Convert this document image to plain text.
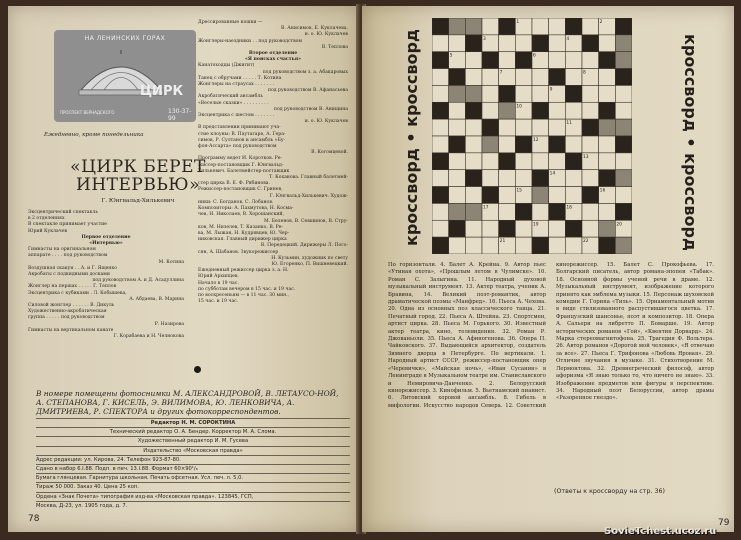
НА ЛЕНИНСКИХ ГОРАХ
ЦИРК
ПРОСПЕКТ ВЕРНАДСКОГО	130-37-99
Ежедневно, кроме понедельника
«ЦИРК БЕРЕТ ИНТЕРВЬЮ»
Г. Юнгвальд-Хилькевич
Эксцентрический спектакль
в 2 отделениях
В спектакле принимает участие
Юрий Куклачев
Первое отделение
«Интервью»
Гимнасты на оригинальном
аппарате . . . . под руководством
М. Котина
Воздушная скакун . . А. и Г. Ященко
Акробаты с подкидными досками
под руководством А. и Д. Асадуллина
Жонглер на першах . . . . . Г. Теплов
Эксцентрика с кубиками . Л. Кобышева,
А. Абдаева, В. Марина
Силовой жонглер . . . . . . В. Дикуль
Художественно-акробатическая
группа . . . . . под руководством
Р. Назирова
Гимнасты на вертикальном канате
Г. Корабаева и Н. Челнокова
Дрессированные кошки —
В. Анисимов, Е. Куклачева,
и. о. Ю. Куклачев
Жонглеры-наездники . . под руководством
В. Теплова
Второе отделение
«Я поисках счастья»
Канатоходцы (Джигит)
под руководством з. а. Абакаровых
Танец с обручами . . . . . Т. Котина
Жонглеры на страусах . . . . . . .
под руководством В. Афанасьева
Акробатический ансамбль
«Веселые сказки» . . . . . . . . .
под руководством В. Анищина
Эксцентрика с шестом . . . . . . .
и. о. Ю. Куклачев
В представлении принимают уча-
стие клоуны: В. Паутагаре, А. Гера-
симов, Р. Султанов и ансамбль «Бу-
фон-Ассарта» под руководством
В. Когомцевой.
Программу ведет И. Коротков. Ре-
жиссер-постановщик Г. Юнгвальд-
Хилькевич. Балетмейстер-поставщик
Т. Коханова. Главный балетмей-
стер цирка В. Е. Ф. Рябинова.
Режиссер-постановщик С. Гринев,
Г. Юнгвальд-Хилькевич. Худож-
ники: С. Богданов, С. Лобанов.
Композиторы: А. Пахмутова, Н. Косма-
чев, Н. Николаев, В. Хорошанский,
М. Беленов, В. Севшинов, В. Стру-
ков, М. Низелев, Т. Казанко, В. Ре-
ва, М. Лыжан, Н. Кудрявцев, Ю. Чер-
никовская. Главный дирижер цирка
В. Передецкий. Дирижеры Л. Пого-
сян, А. Шабанов. Звукорежиссер
Н. Кузьмин, художник по свету
Ю. Егоренко, П. Вишневецкий.
Ежедневный режиссер цирка з. а. Н.
Юрий Архипцев.
Начало в 19 час.
по субботам вечером в 15 час. и 19 час.
по воскресеньям — в 11 час. 30 мин.,
15 час. и 19 час.
В номере помещены фотоснимки М. АЛЕКСАНДРОВОЙ, В. ЛЕТАУСО-НОЙ, А. СТЕПАНОВА, Г. КИСЕЛЬ, Э. ВИЛИМОВА, Ю. ЛЕНКОВИЧА, А. ДМИТРИЕВА, Р. СПЕКТОРА и других фотокорреспондентов.
Редактор Н. М. СОРОКТИНА
Технический редактор О. А. Бендер. Корректор М. А. Слома.
Художественный редактор И. М. Гусева
Издательство «Московская правда»
Адрес редакции: ул. Кирова, 24. Телефон 923-87-80.
Сдано в набор 6.I.88. Подп. в печ. 13.I.88. Формат 60×90¹/₈
Бумага глянцевая. Гарнитура школьная. Печать офсетная. Усл. печ. л. 5,0.
Тираж 50 000. Заказ 40. Цена 25 коп.
Ордена «Знак Почета» типография изд-ва «Московская правда». 123845, ГСП,
Москва, Д-23, ул. 1905 года, д. 7.
78
кроссворд • кроссворд	кроссворд • кроссворд
1	2
3	4
5	6
7	8
9
10
11
12
13
14
15	16
17	18
19	20
21	22
По горизонтали. 4. Балет А. Крейна. 9. Автор пьес «Утиная охота», «Прошлым летом в Чулимске». 10. Роман С. Залыгина. 11. Народный духовой музыкальный инструмент. 13. Актер театра, ученик А. Бравина, 14. Великий поэт-романтик, автор драматической поэмы «Манфред». 16. Пьеса А. Чехова. 20. Одна из основных поз классического танца. 21. Печатный город. 22. Пьеса А. Штейна. 23. Спортсмен, артист цирка. 28. Пьеса М. Горького. 30. Известный актер театра, кино, телевидения. 32. Роман Р. Джованьоли. 35. Пьеса А. Афиногенова. 36. Опера П. Чайковского. 37. Выдающийся архитектор, создатель Зимнего дворца в Петербурге. По вертикали. 1. Народный артист СССР, режиссер-постановщик опер «Черевички», «Майская ночь», «Иван Сусанин» в Ленинграде в Музыкальном театре им. Станиславского и Немировича-Данченко. 2. Белорусский кинорежиссер. 3. Кинофильм. 5. Вьетнамский пианист. 6. Литовский хоровой ансамбль. 8. Гибель в мифологии. Искусство народов Севера. 12. Советский кинорежиссер. 15. Балет С. Прокофьева. 17. Болгарский писатель, автор романа-эпопеи «Табак». 18. Основной формы ученой речи в драме. 12. Музыкальный инструмент, изображение которого принято как эмблема музыки. 15. Персонаж шуховской комедии Г. Горина «Тиль». 15. Орнаментальный мотив в виде стилизованного распустившегося цветка. 17. Французский шансонье, поэт и композитор. 18. Опера А. Сальери на либретто П. Бомарше. 19. Автор исторических романов «Гой», «Квентин Дорвард». 24. Марка стереомагнитофона. 25. Трагедия Ф. Вольтера. 26. Автор романов «Дорогой мой человек», «Я отвечаю за все». 27. Пьеса Г. Трифонова «Любовь Яровая». 29. Отличие звучания в музыке. 31. Стихотворение М. Лермонтова. 32. Древнегреческий философ, автор афоризма «Я знаю только то, что ничего не знаю». 33. Изображение предметов или фигуры в перспективе. 34. Народный поэт Белоруссии, автор драмы «Разоренное гнездо».
(Ответы к кроссворду на стр. 36)
79
SovieTchest.ucoz.ru
